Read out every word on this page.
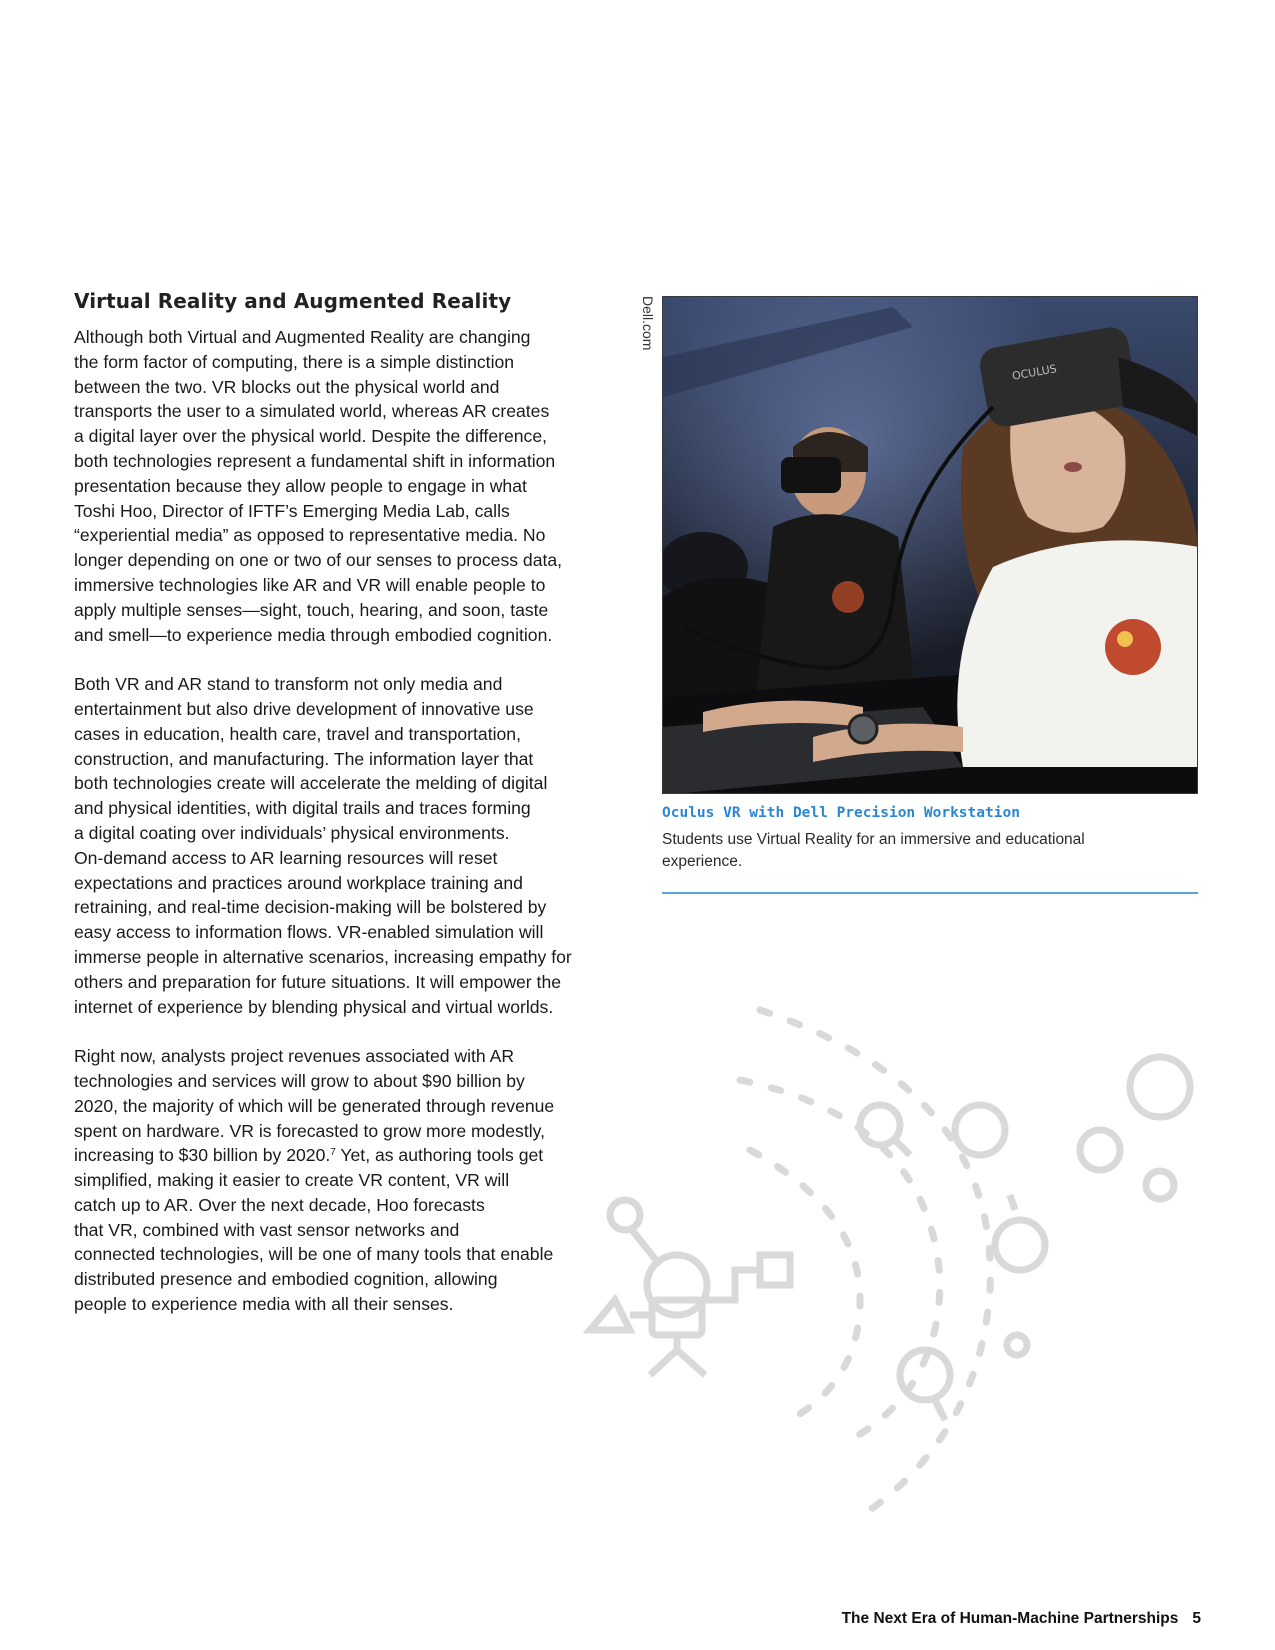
Virtual Reality and Augmented Reality

Although both Virtual and Augmented Reality are changing
the form factor of computing, there is a simple distinction
between the two. VR blocks out the physical world and
transports the user to a simulated world, whereas AR creates
a digital layer over the physical world. Despite the difference,
both technologies represent a fundamental shift in information
presentation because they allow people to engage in what
Toshi Hoo, Director of IFTF’s Emerging Media Lab, calls
“experiential media” as opposed to representative media. No
longer depending on one or two of our senses to process data,
immersive technologies like AR and VR will enable people to
apply multiple senses—sight, touch, hearing, and soon, taste
and smell—to experience media through embodied cognition.

Both VR and AR stand to transform not only media and
entertainment but also drive development of innovative use
cases in education, health care, travel and transportation,
construction, and manufacturing. The information layer that
both technologies create will accelerate the melding of digital
and physical identities, with digital trails and traces forming
a digital coating over individuals’ physical environments.
On-demand access to AR learning resources will reset
expectations and practices around workplace training and
retraining, and real-time decision-making will be bolstered by
easy access to information flows. VR-enabled simulation will
immerse people in alternative scenarios, increasing empathy for
others and preparation for future situations. It will empower the
internet of experience by blending physical and virtual worlds.

Right now, analysts project revenues associated with AR
technologies and services will grow to about $90 billion by
2020, the majority of which will be generated through revenue
spent on hardware. VR is forecasted to grow more modestly,
increasing to $30 billion by 2020.$^7$ Yet, as authoring tools get
simplified, making it easier to create VR content, VR will
catch up to AR. Over the next decade, Hoo forecasts
that VR, combined with vast sensor networks and
connected technologies, will be one of many tools that enable
distributed presence and embodied cognition, allowing
people to experience media with all their senses.

Dell.com
OCULUS
Oculus VR with Dell Precision Workstation
Students use Virtual Reality for an immersive and educational experience.
The Next Era of Human-Machine Partnerships 5
